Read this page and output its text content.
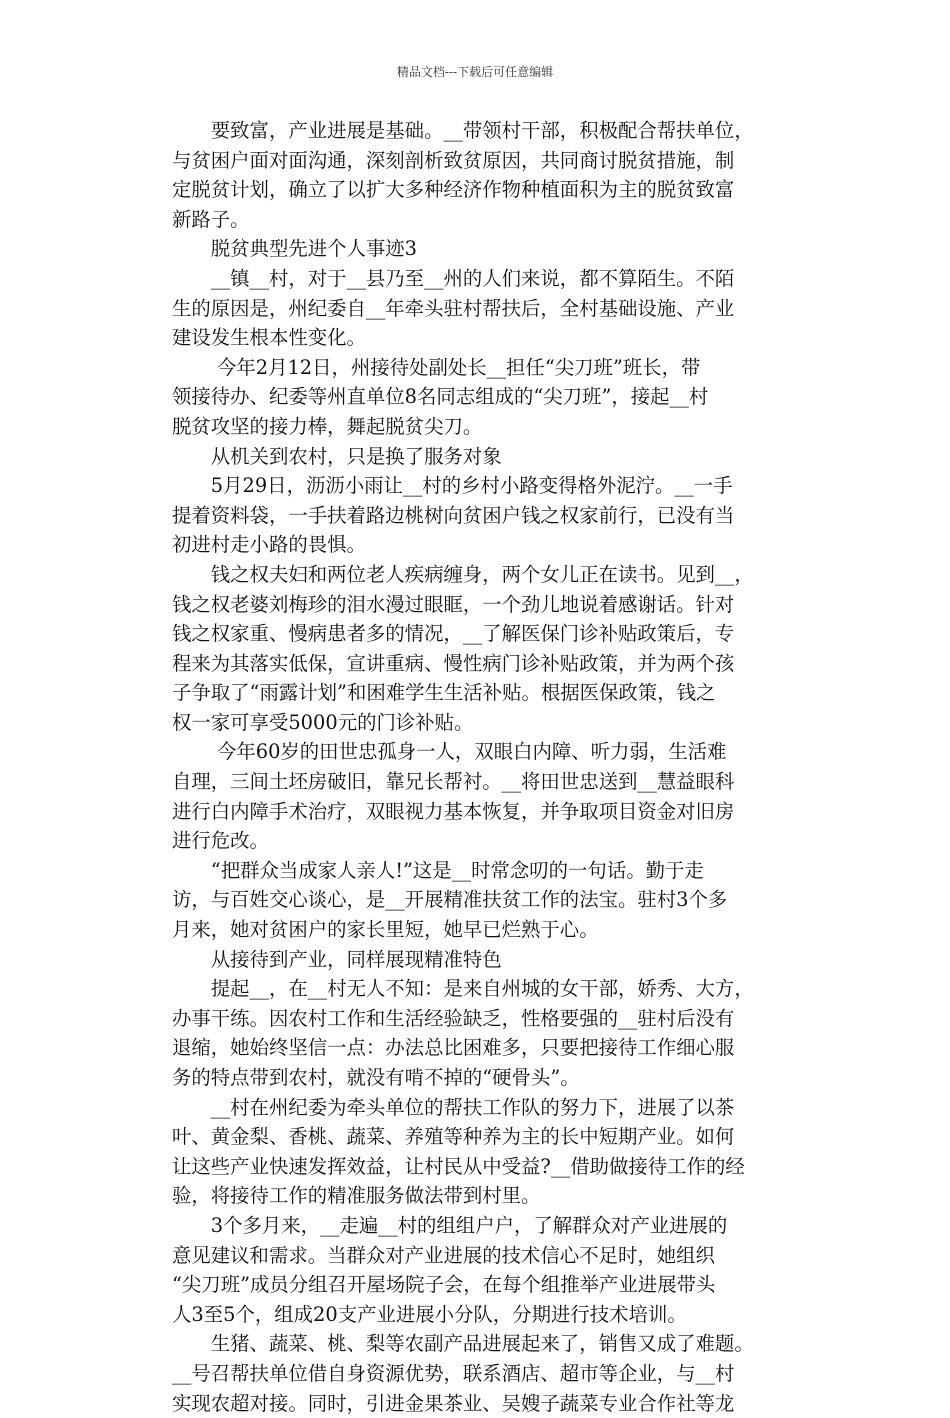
精品文档---下载后可任意编辑

　　要致富，产业进展是基础。__带领村干部，积极配合帮扶单位，

与贫困户面对面沟通，深刻剖析致贫原因，共同商讨脱贫措施，制

定脱贫计划，确立了以扩大多种经济作物种植面积为主的脱贫致富

新路子。

　　脱贫典型先进个人事迹3

　　__镇__村，对于__县乃至__州的人们来说，都不算陌生。不陌

生的原因是，州纪委自__年牵头驻村帮扶后，全村基础设施、产业

建设发生根本性变化。

　　 今年2月12日，州接待处副处长__担任“尖刀班”班长，带

领接待办、纪委等州直单位8名同志组成的“尖刀班”，接起__村

脱贫攻坚的接力棒，舞起脱贫尖刀。

　　从机关到农村，只是换了服务对象

　　5月29日，沥沥小雨让__村的乡村小路变得格外泥泞。__一手

提着资料袋，一手扶着路边桃树向贫困户钱之权家前行，已没有当

初进村走小路的畏惧。

　　钱之权夫妇和两位老人疾病缠身，两个女儿正在读书。见到__，

钱之权老婆刘梅珍的泪水漫过眼眶，一个劲儿地说着感谢话。针对

钱之权家重、慢病患者多的情况，__了解医保门诊补贴政策后，专

程来为其落实低保，宣讲重病、慢性病门诊补贴政策，并为两个孩

子争取了“雨露计划”和困难学生生活补贴。根据医保政策，钱之

权一家可享受5000元的门诊补贴。

　　 今年60岁的田世忠孤身一人，双眼白内障、听力弱，生活难

自理，三间土坯房破旧，靠兄长帮衬。__将田世忠送到__慧益眼科

进行白内障手术治疗，双眼视力基本恢复，并争取项目资金对旧房

进行危改。

　　“把群众当成家人亲人!”这是__时常念叨的一句话。勤于走

访，与百姓交心谈心，是__开展精准扶贫工作的法宝。驻村3个多

月来，她对贫困户的家长里短，她早已烂熟于心。

　　从接待到产业，同样展现精准特色

　　提起__，在__村无人不知：是来自州城的女干部，娇秀、大方，

办事干练。因农村工作和生活经验缺乏，性格要强的__驻村后没有

退缩，她始终坚信一点：办法总比困难多，只要把接待工作细心服

务的特点带到农村，就没有啃不掉的“硬骨头”。

　　__村在州纪委为牵头单位的帮扶工作队的努力下，进展了以茶

叶、黄金梨、香桃、蔬菜、养殖等种养为主的长中短期产业。如何

让这些产业快速发挥效益，让村民从中受益?__借助做接待工作的经

验，将接待工作的精准服务做法带到村里。

　　3个多月来，__走遍__村的组组户户，了解群众对产业进展的

意见建议和需求。当群众对产业进展的技术信心不足时，她组织

“尖刀班”成员分组召开屋场院子会，在每个组推举产业进展带头

人3至5个，组成20支产业进展小分队，分期进行技术培训。

　　生猪、蔬菜、桃、梨等农副产品进展起来了，销售又成了难题。

__号召帮扶单位借自身资源优势，联系酒店、超市等企业，与__村

实现农超对接。同时，引进金果茶业、吴嫂子蔬菜专业合作社等龙
